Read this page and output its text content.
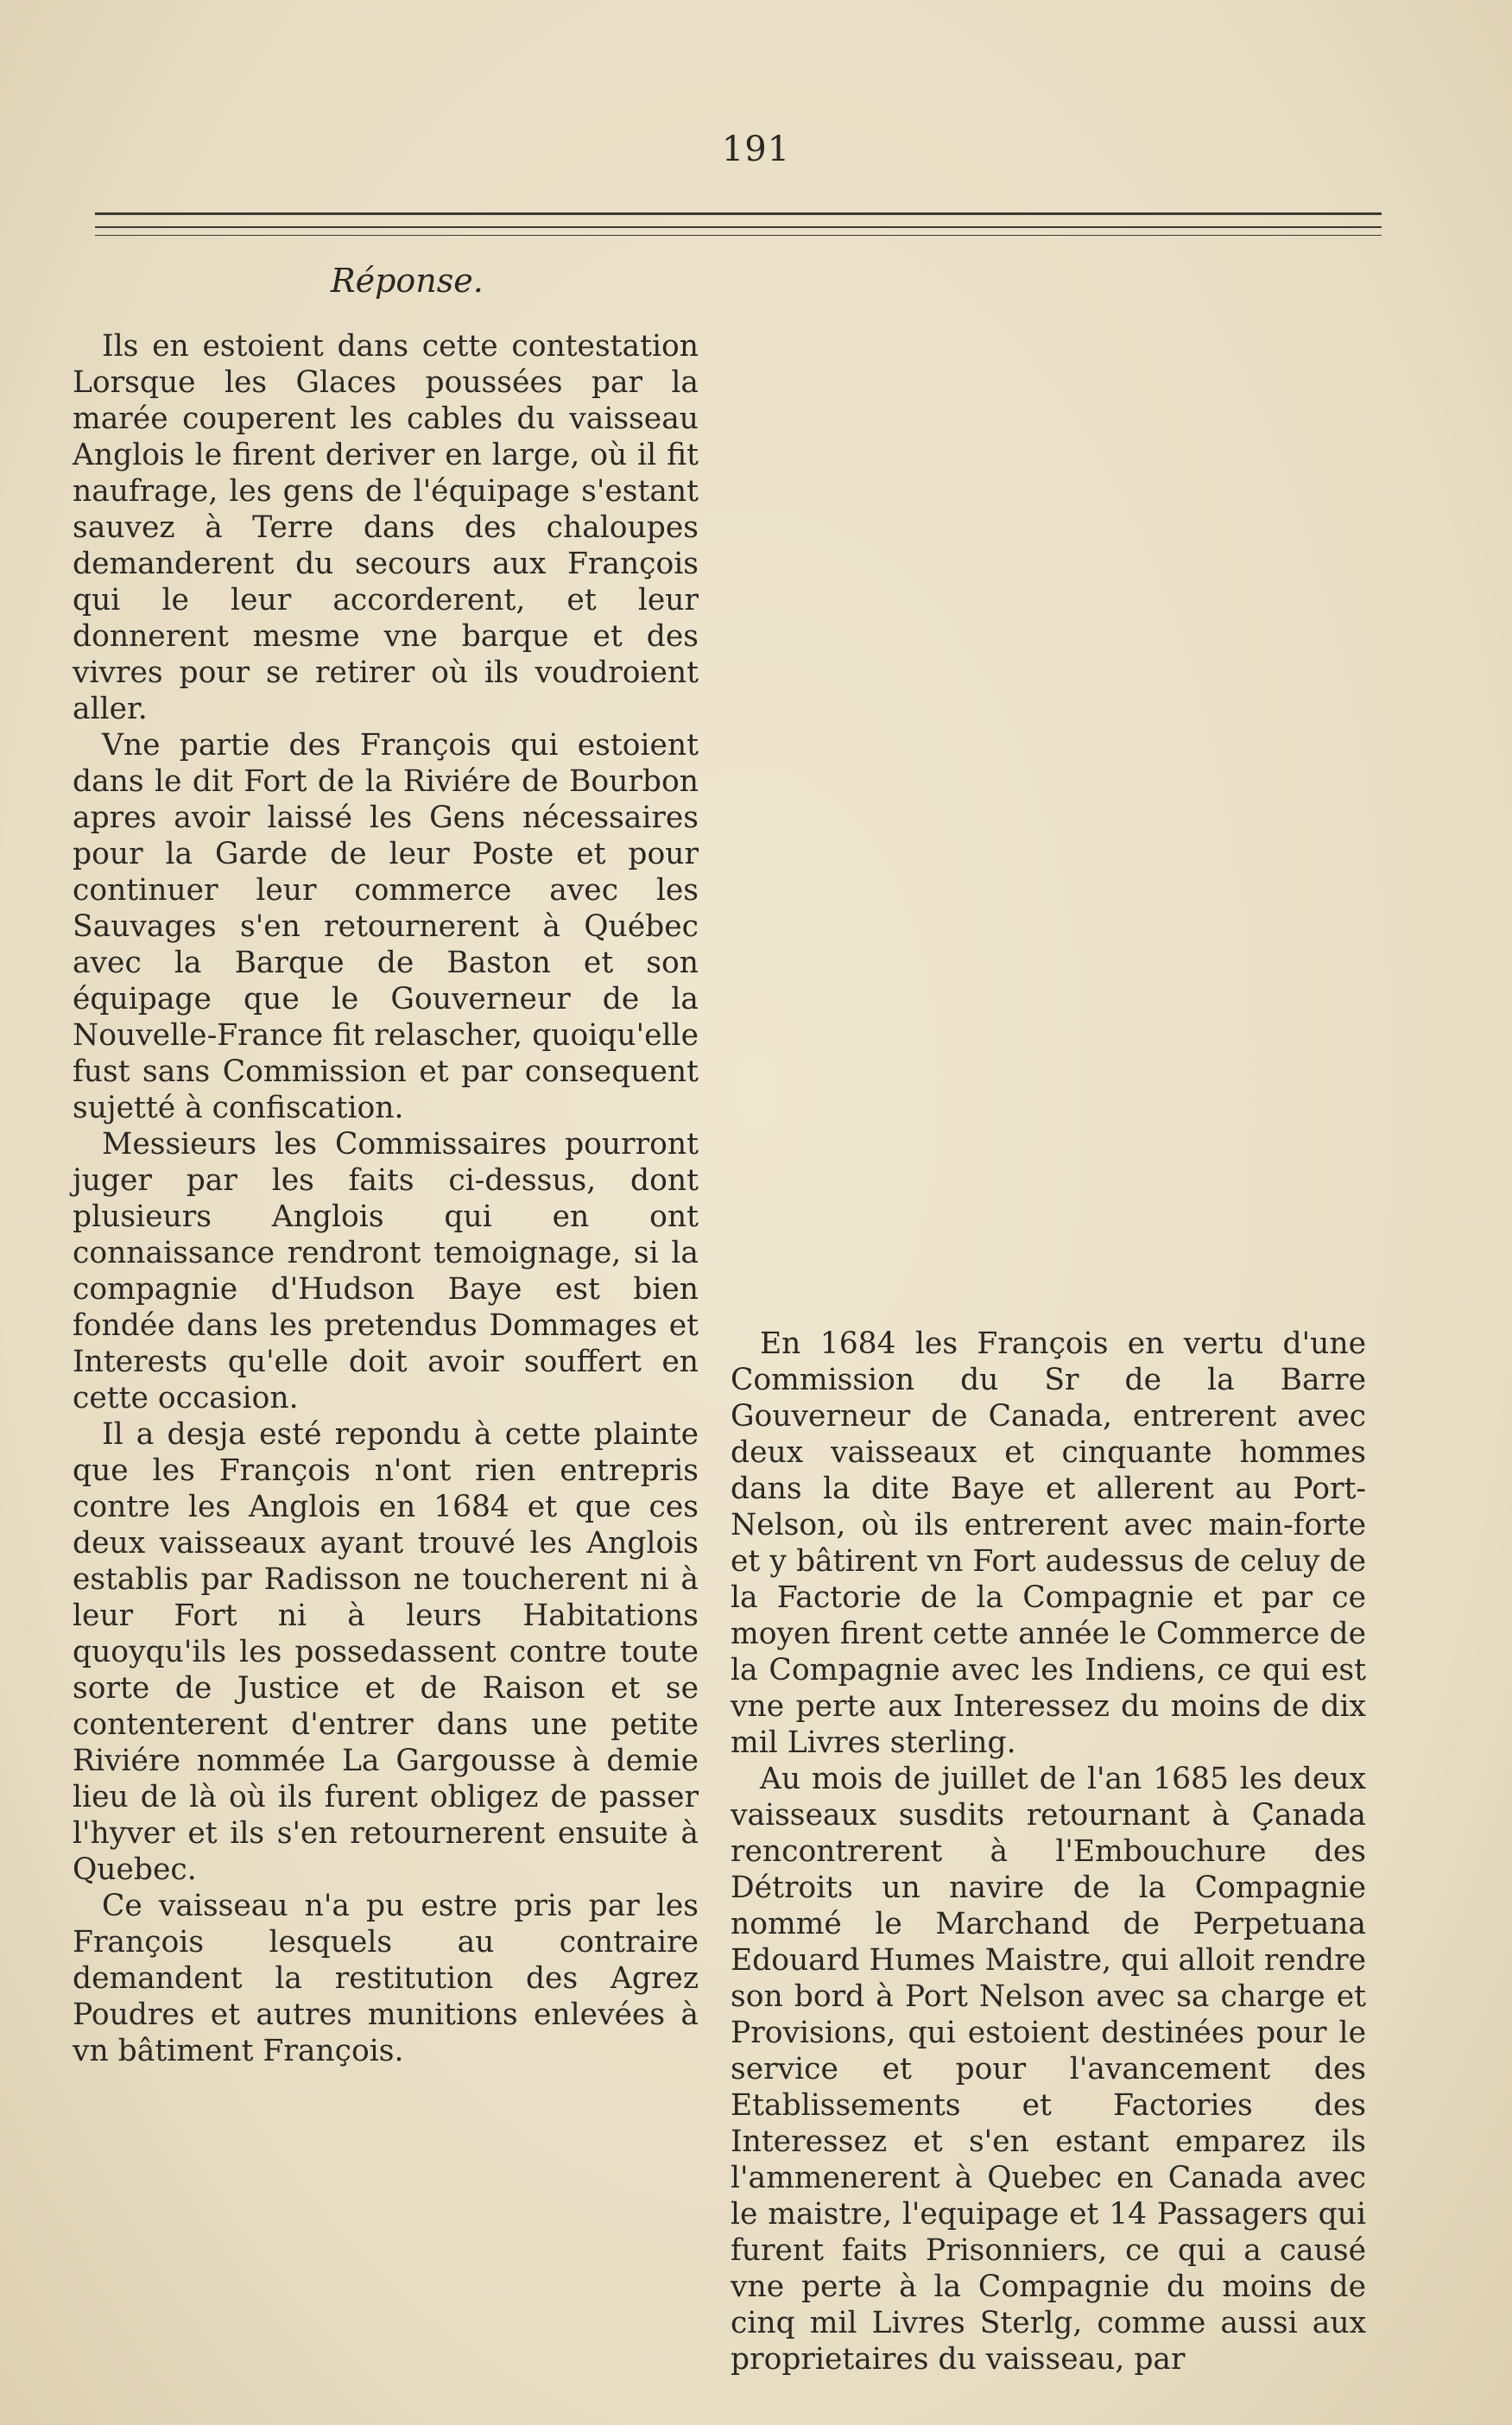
191
Réponse.

Ils en estoient dans cette contestation Lorsque les Glaces poussées par la marée couperent les cables du vaisseau Anglois le firent deriver en large, où il fit naufrage, les gens de l'équipage s'estant sauvez à Terre dans des chaloupes demanderent du secours aux François qui le leur accorderent, et leur donnerent mesme vne barque et des vivres pour se retirer où ils voudroient aller.

Vne partie des François qui estoient dans le dit Fort de la Riviére de Bourbon apres avoir laissé les Gens nécessaires pour la Garde de leur Poste et pour continuer leur commerce avec les Sauvages s'en retournerent à Québec avec la Barque de Baston et son équipage que le Gouverneur de la Nouvelle-France fit relascher, quoiqu'elle fust sans Commission et par consequent sujetté à confiscation.

Messieurs les Commissaires pourront juger par les faits ci-dessus, dont plusieurs Anglois qui en ont connaissance rendront temoignage, si la compagnie d'Hudson Baye est bien fondée dans les pretendus Dommages et Interests qu'elle doit avoir souffert en cette occasion.

Il a desja esté repondu à cette plainte que les François n'ont rien entrepris contre les Anglois en 1684 et que ces deux vaisseaux ayant trouvé les Anglois establis par Radisson ne toucherent ni à leur Fort ni à leurs Habitations quoyqu'ils les possedassent contre toute sorte de Justice et de Raison et se contenterent d'entrer dans une petite Riviére nommée La Gargousse à demie lieu de là où ils furent obligez de passer l'hyver et ils s'en retournerent ensuite à Quebec.

Ce vaisseau n'a pu estre pris par les François lesquels au contraire demandent la restitution des Agrez Poudres et autres munitions enlevées à vn bâtiment François.

En 1684 les François en vertu d'une Commission du Sr de la Barre Gouverneur de Canada, entrerent avec deux vaisseaux et cinquante hommes dans la dite Baye et allerent au Port-Nelson, où ils entrerent avec main-forte et y bâtirent vn Fort audessus de celuy de la Factorie de la Compagnie et par ce moyen firent cette année le Commerce de la Compagnie avec les Indiens, ce qui est vne perte aux Interessez du moins de dix mil Livres sterling.

Au mois de juillet de l'an 1685 les deux vaisseaux susdits retournant à Çanada rencontrerent à l'Embouchure des Détroits un navire de la Compagnie nommé le Marchand de Perpetuana Edouard Humes Maistre, qui alloit rendre son bord à Port Nelson avec sa charge et Provisions, qui estoient destinées pour le service et pour l'avancement des Etablissements et Factories des Interessez et s'en estant emparez ils l'ammenerent à Quebec en Canada avec le maistre, l'equipage et 14 Passagers qui furent faits Prisonniers, ce qui a causé vne perte à la Compagnie du moins de cinq mil Livres Sterlg, comme aussi aux proprietaires du vaisseau, par
